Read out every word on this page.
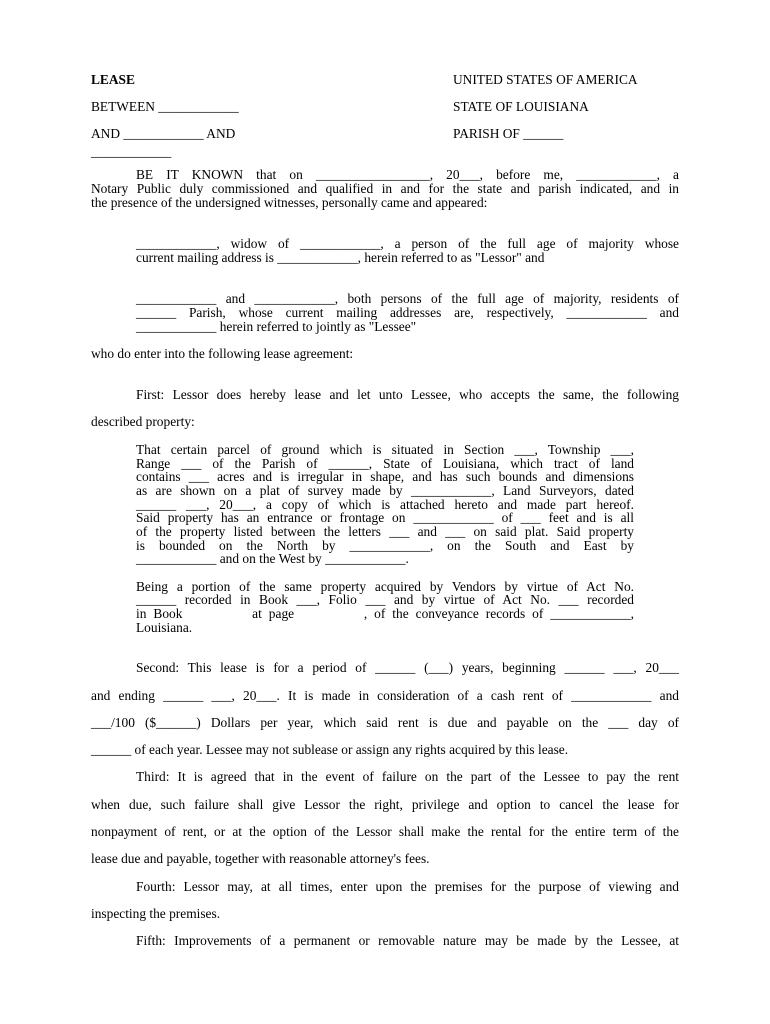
LEASE
BETWEEN ____________
AND ____________ AND
____________
UNITED STATES OF AMERICA
STATE OF LOUISIANA
PARISH OF ______
BE IT KNOWN that on _________________, 20___, before me, ____________, a
Notary Public duly commissioned and qualified in and for the state and parish indicated, and in
the presence of the undersigned witnesses, personally came and appeared:
____________, widow of ____________, a person of the full age of majority whose
current mailing address is ____________, herein referred to as "Lessor" and
____________ and ____________, both persons of the full age of majority, residents of
______ Parish, whose current mailing addresses are, respectively, ____________ and
____________ herein referred to jointly as "Lessee"
who do enter into the following lease agreement:
First: Lessor does hereby lease and let unto Lessee, who accepts the same, the following
described property:
That certain parcel of ground which is situated in Section ___, Township ___,
Range ___ of the Parish of ______, State of Louisiana, which tract of land
contains ___ acres and is irregular in shape, and has such bounds and dimensions
as are shown on a plat of survey made by ____________, Land Surveyors, dated
______ ___, 20___, a copy of which is attached hereto and made part hereof.
Said property has an entrance or frontage on ____________ of ___ feet and is all
of the property listed between the letters ___ and ___ on said plat. Said property
is bounded on the North by ____________, on the South and East by
____________ and on the West by ____________.
Being a portion of the same property acquired by Vendors by virtue of Act No.
______ recorded in Book ___, Folio ___ and by virtue of Act No. ___ recorded
in Book          at page          , of the conveyance records of ____________,
Louisiana.
Second: This lease is for a period of ______ (___) years, beginning ______ ___, 20___
and ending ______ ___, 20___. It is made in consideration of a cash rent of ____________ and
___/100 ($______) Dollars per year, which said rent is due and payable on the ___ day of
______ of each year. Lessee may not sublease or assign any rights acquired by this lease.
Third: It is agreed that in the event of failure on the part of the Lessee to pay the rent
when due, such failure shall give Lessor the right, privilege and option to cancel the lease for
nonpayment of rent, or at the option of the Lessor shall make the rental for the entire term of the
lease due and payable, together with reasonable attorney's fees.
Fourth: Lessor may, at all times, enter upon the premises for the purpose of viewing and
inspecting the premises.
Fifth: Improvements of a permanent or removable nature may be made by the Lessee, at
